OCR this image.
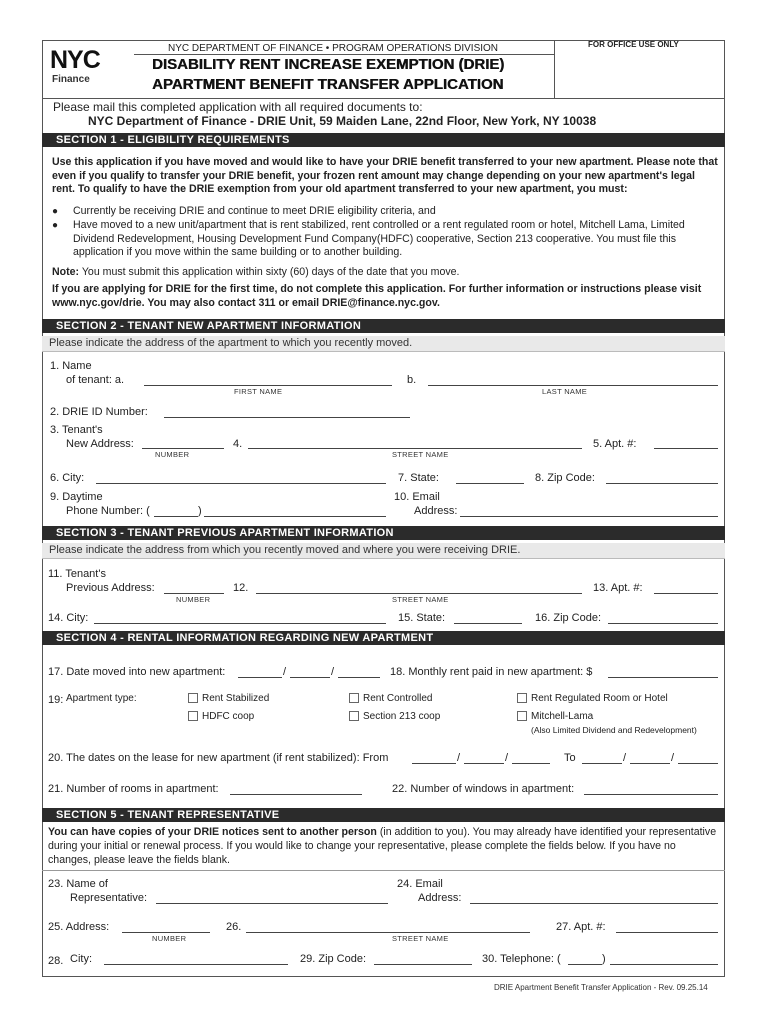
NYC
Finance
NYC DEPARTMENT OF FINANCE • PROGRAM OPERATIONS DIVISION	FOR OFFICE USE ONLY
DISABILITY RENT INCREASE EXEMPTION (DRIE)
APARTMENT BENEFIT TRANSFER APPLICATION
Please mail this completed application with all required documents to:
NYC Department of Finance - DRIE Unit, 59 Maiden Lane, 22nd Floor, New York, NY 10038
SECTION 1 - ELIGIBILITY REQUIREMENTS
Use this application if you have moved and would like to have your DRIE benefit transferred to your new apartment. Please note that even if you qualify to transfer your DRIE benefit, your frozen rent amount may change depending on your new apartment's legal rent. To qualify to have the DRIE exemption from your old apartment transferred to your new apartment, you must:
● Currently be receiving DRIE and continue to meet DRIE eligibility criteria, and
● Have moved to a new unit/apartment that is rent stabilized, rent controlled or a rent regulated room or hotel, Mitchell Lama, Limited Dividend Redevelopment, Housing Development Fund Company(HDFC) cooperative, Section 213 cooperative. You must file this application if you move within the same building or to another building.
Note: You must submit this application within sixty (60) days of the date that you move.
If you are applying for DRIE for the first time, do not complete this application. For further information or instructions please visit www.nyc.gov/drie. You may also contact 311 or email DRIE@finance.nyc.gov.
SECTION 2 - TENANT NEW APARTMENT INFORMATION
Please indicate the address of the apartment to which you recently moved.
1. Name
of tenant: a.	b.
FIRST NAME	LAST NAME
2. DRIE ID Number:
3. Tenant's
New Address:	4.	5. Apt. #:
NUMBER	STREET NAME
6. City:	7. State:	8. Zip Code:
9. Daytime
Phone Number: (	)
10. Email
Address:
SECTION 3 - TENANT PREVIOUS APARTMENT INFORMATION
Please indicate the address from which you recently moved and where you were receiving DRIE.
11. Tenant's
Previous Address:	12.	13. Apt. #:
NUMBER	STREET NAME
14. City:	15. State:	16. Zip Code:
SECTION 4 - RENTAL INFORMATION REGARDING NEW APARTMENT
17. Date moved into new apartment:	/	/	18. Monthly rent paid in new apartment: $
19: Apartment type:	Rent Stabilized	Rent Controlled	Rent Regulated Room or Hotel
HDFC coop	Section 213 coop	Mitchell-Lama
(Also Limited Dividend and Redevelopment)
20. The dates on the lease for new apartment (if rent stabilized): From	/	/	To	/	/
21. Number of rooms in apartment:	22. Number of windows in apartment:
SECTION 5 - TENANT REPRESENTATIVE
You can have copies of your DRIE notices sent to another person (in addition to you). You may already have identified your representative during your initial or renewal process. If you would like to change your representative, please complete the fields below. If you have no changes, please leave the fields blank.
23. Name of
Representative:
24. Email
Address:
25. Address:	26.	27. Apt. #:
NUMBER	STREET NAME
28. City:	29. Zip Code:	30. Telephone: (	)
DRIE Apartment Benefit Transfer Application - Rev. 09.25.14
